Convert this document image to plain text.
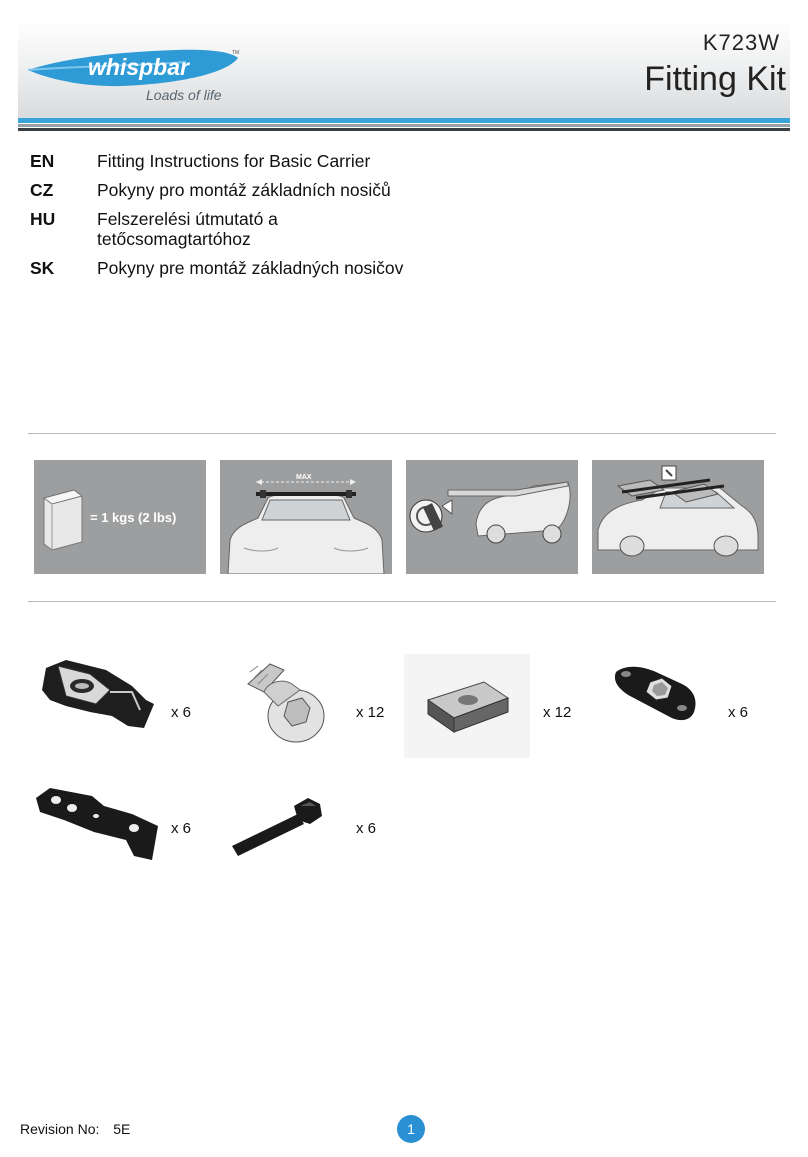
whispbar
TM
Loads of life
K723W
Fitting Kit
EN Fitting Instructions for Basic Carrier
CZ Pokyny pro montáž základních nosičů
HU Felszerelési útmutató a tetőcsomagtartóhoz
SK Pokyny pre montáž základných nosičov
= 1 kgs (2 lbs)
MAX
x 6	x 12	x 12	x 6
x 6	x 6
Revision No: 5E	1
